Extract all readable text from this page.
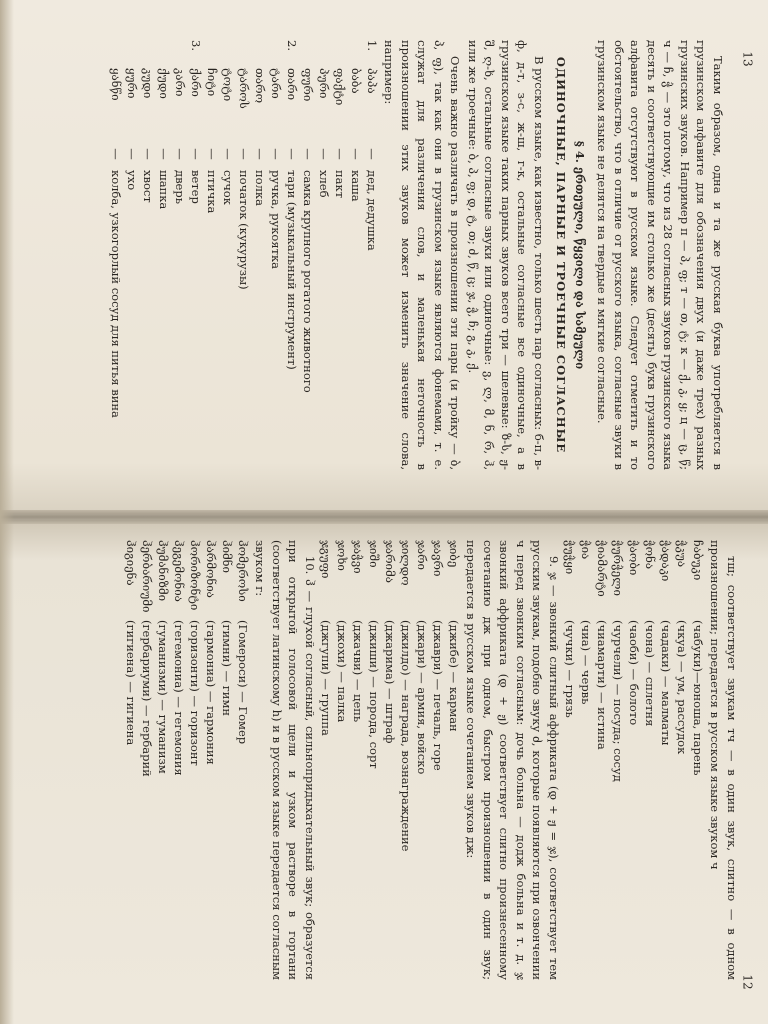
Таким образом, одна и та же русская буква употребляется в грузинском алфавите для обозначения двух (и даже трех) разных грузинских звуков. Например п — პ, ფ; т — თ, ტ; к — ქ, კ, ყ; ц — ც, წ; ч — ჩ, ჭ — это потому, что из 28 согласных звуков грузинского языка десять и соответствующие им столько же (десять) букв грузинского алфавита отсутствуют в русском языке. Следует отметить и то обстоятельство, что в отличие от русского языка, согласные звуки в грузинском языке не делятся на твердые и мягкие согласные.

§ 4. ერთეული, წყვილი და სამეული

ОДИНОЧНЫЕ, ПАРНЫЕ И ТРОЕЧНЫЕ СОГЛАСНЫЕ

В русском языке, как известно, только шесть пар согласных: б-п, в-ф, д-т, з-с, ж-ш, г-к, остальные согласные все одиночные, а в грузинском языке таких парных звуков всего три — шелевые: ზ-ს, ჟ-შ, ღ-ხ, остальные согласные звуки или одиночные: ვ, ლ, მ, ნ, რ, ჰ, или же троечные: ბ, პ, ფ; დ, ტ, თ; ძ, წ, ც; ჯ, ჭ, ჩ; გ, კ, ქ.

Очень важно различать в произношении эти пары (и тройку — ბ, პ, ფ), так как они в грузинском языке являются фонемами, т. е. служат для различения слов, и маленькая неточность в произношении этих звуков может изменить значение слова, например:

1.
პაპა
—
дед, дедушка
ბაბა
—
каша
ფაქტი
—
пакт
პური
—
хлеб
ფური
—
самка крупного рогатого животного
2.
თარი
—
тари (музыкальный инструмент)
ტარი
—
ручка, рукоятка
თარო
—
полка
ტაროს
—
початок (кукурузы)
ტოტი
—
сучок
ჩიტი
—
птичка
3.
ქარი
—
ветер
კარი
—
дверь
ქუდი
—
шапка
კუდი
—
хвост
ყური
—
ухо
ყანწი
—
колба, узкогорлый сосуд для питья вина

тш; соответствует звукам тч — в один звук, слитно — в одном произношении; передается в русском языке звуком ч

ჩაბუკი
(чабуки)—юноша, парень
ჭკუა
(чкуа) — ум, рассудок
ჭადაკი
(чадаки) — малматы
ჭონა
(чона) — сплетня
ჭაობი
(чаоби) — болото
ჭურჭელი
(чурчели) — посуда; сосуд
ჭიამარტი
(чиамарти) — истина
ჭია
(чиа) — червь
ჭუჭყი
(чучки) — грязь

9. ჯ — звонкий слитный аффриката (დ + ჟ = ჯ), соответствует тем русским звукам, подобно звуку ძ, которые появляются при озвончении ч перед звонким согласным: дочь больна — додж больна и т. д. ჯ звонкий аффриката (დ + ჟ) соответствует слитно произнесенному сочетанию дж при одном, быстром произношении в один звук; передается в русском языке сочетанием звуков дж:

ჯიბე
(джибе) — карман
ჯავრი
(джаври) — печаль, горе
ჯარი
(джари) — армия, войско
ჯილდო
(джилдо) — награда, вознаграждение
ჯარიმა
(джарима) — штраф
ჯიში
(джиши) — порода, сорт
ჯაჭვი
(джачви) — цепь
ჯოხი
(джохи) — палка
ჯგუფი
(джгупи) — группа

10. ჰ — глухой согласный, сильнопридыхательный звук; образуется при открытой голосовой щели и узком растворе в гортани (соответствует латинскому h) и в русском языке передается согласным звуком г:

ჰომეროსი
(Гомероси) — Гомер
ჰიმნი
(гимни) — гимн
ჰარმონია
(гармониа) — гармония
ჰორიზონტი
(горизонти) — горизонт
ჰეგემონია
(гегемониа) — гегемония
ჰუმანიზმი
(гуманизми) — гуманизм
ჰერბარიუმი
(гербариуми) — гербарий
ჰიგიენა
(гигиена) — гигиена
13
12
